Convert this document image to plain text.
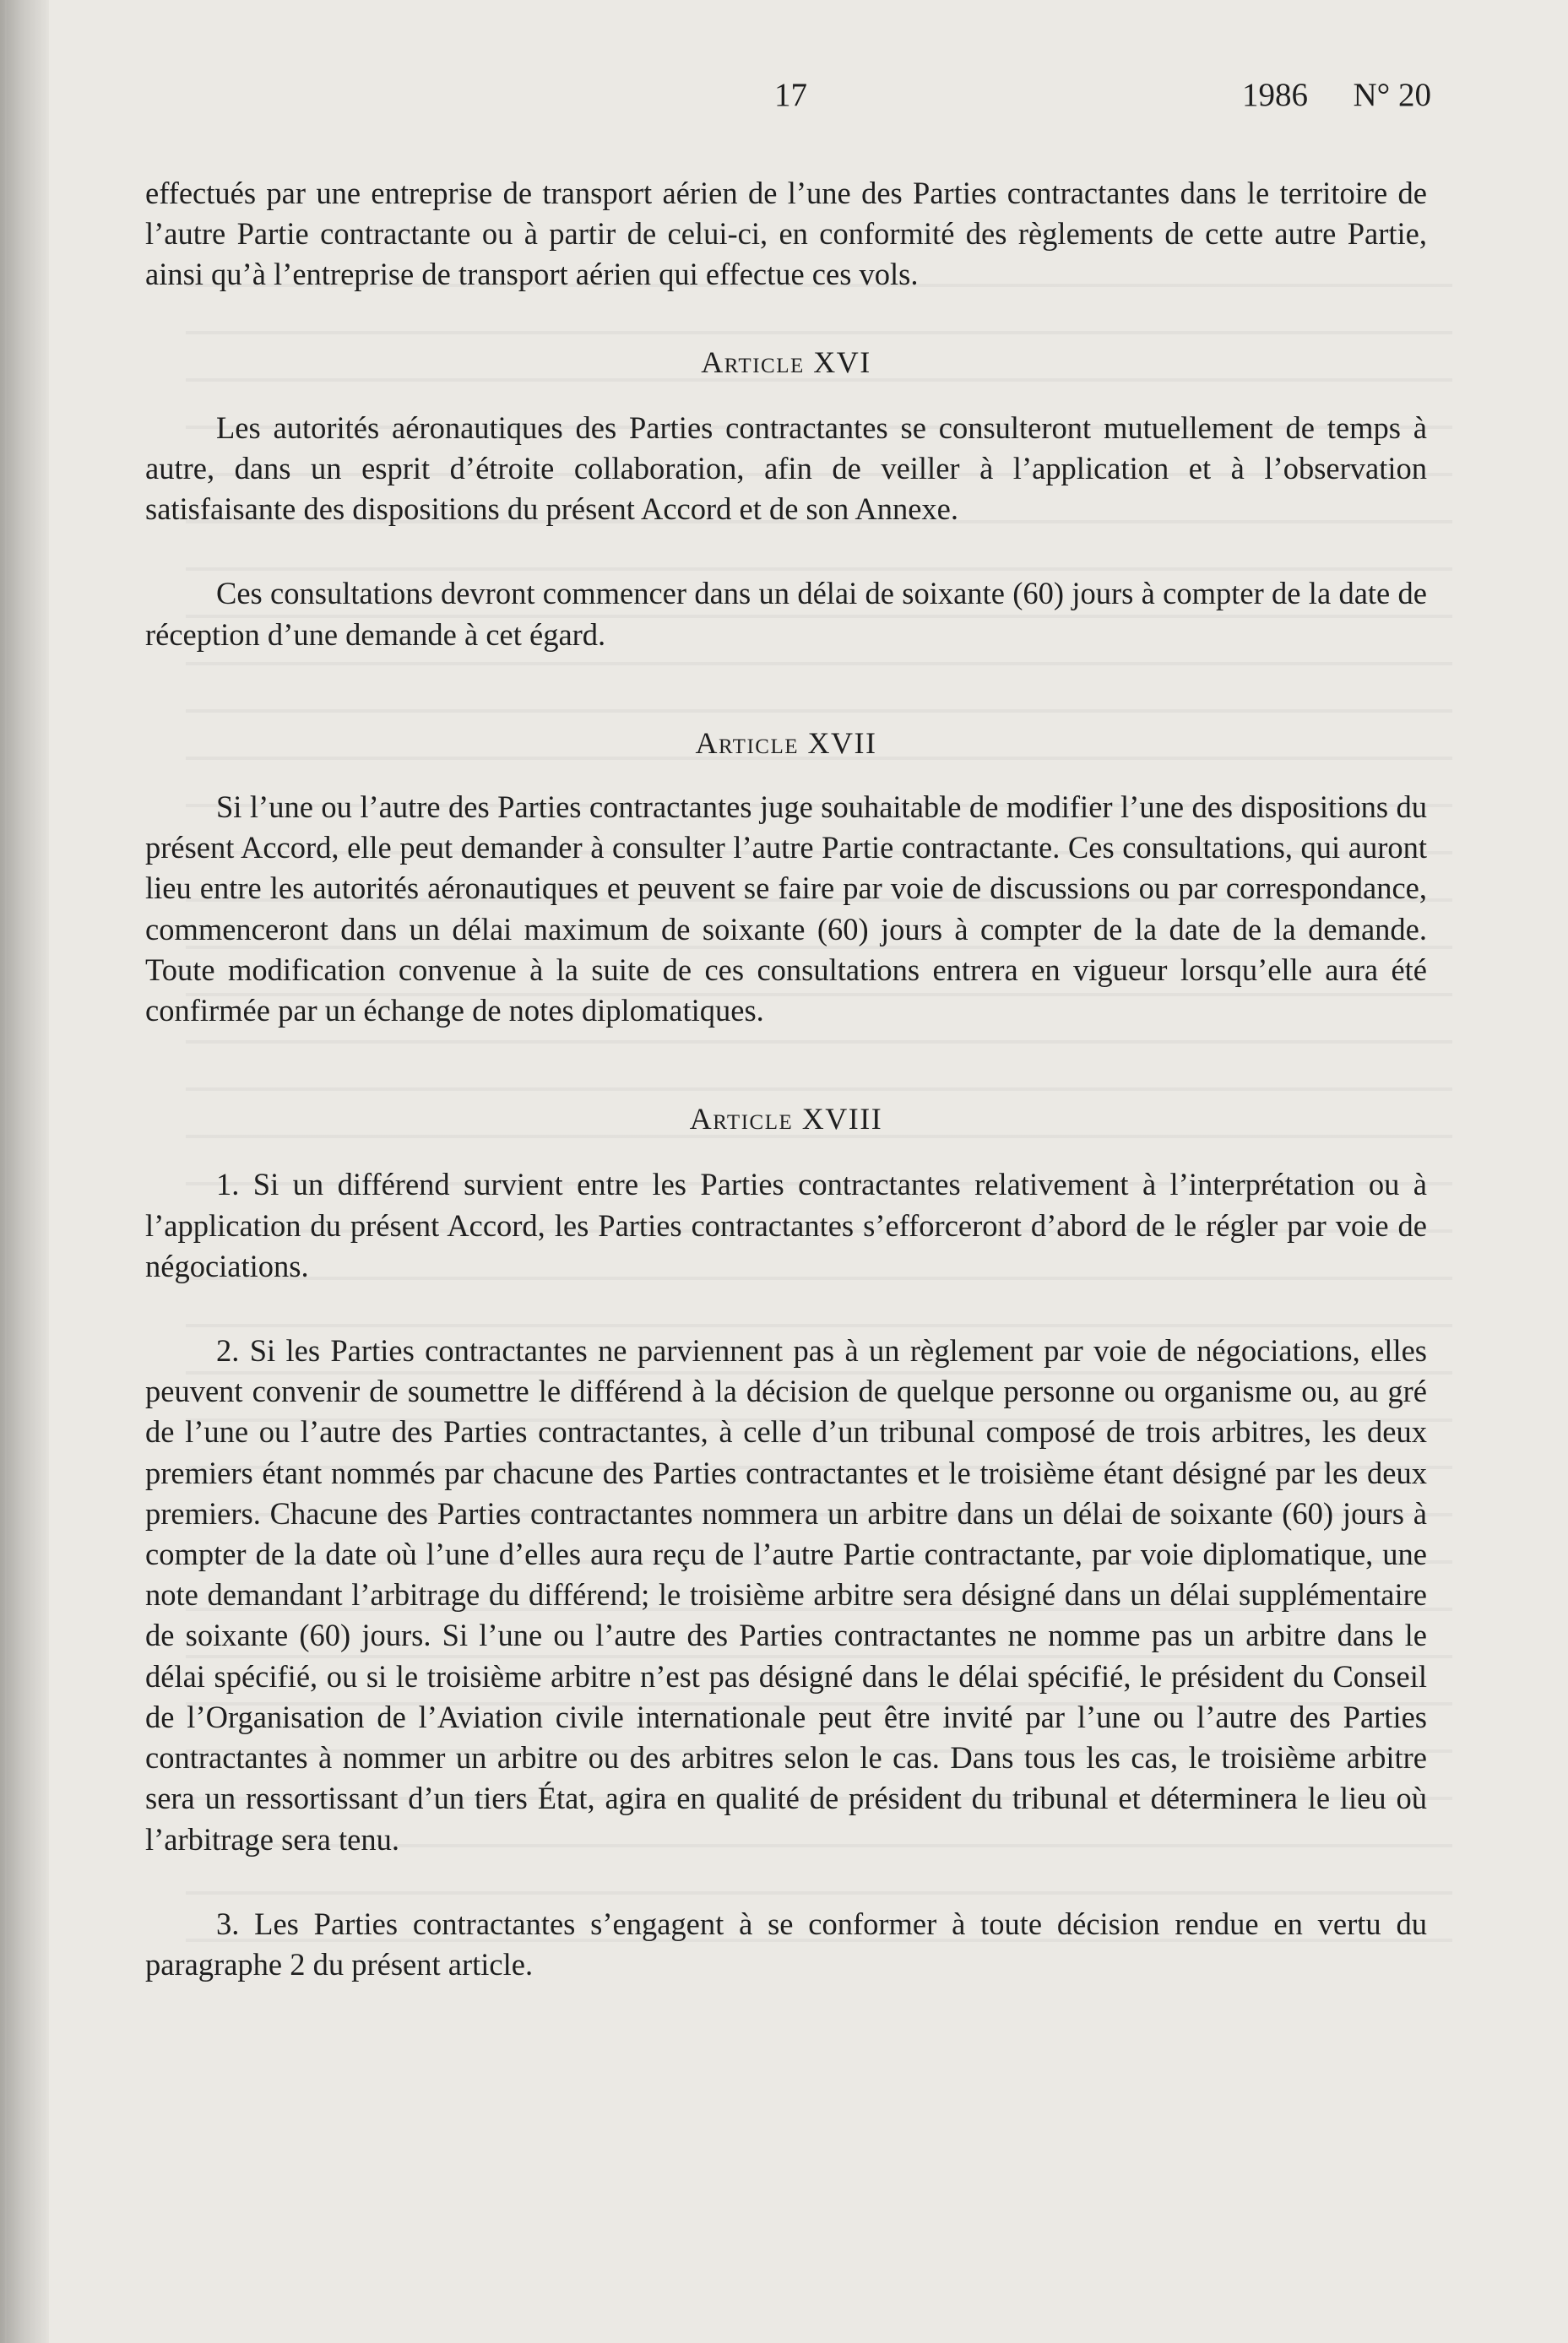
17	1986 N° 20

effectués par une entreprise de transport aérien de l’une des Parties contractantes dans le territoire de l’autre Partie contractante ou à partir de celui-ci, en conformité des règlements de cette autre Partie, ainsi qu’à l’entreprise de transport aérien qui effectue ces vols.

Article XVI

Les autorités aéronautiques des Parties contractantes se consulteront mutuellement de temps à autre, dans un esprit d’étroite collaboration, afin de veiller à l’application et à l’observation satisfaisante des dispositions du présent Accord et de son Annexe.

Ces consultations devront commencer dans un délai de soixante (60) jours à compter de la date de réception d’une demande à cet égard.

Article XVII

Si l’une ou l’autre des Parties contractantes juge souhaitable de modifier l’une des dispositions du présent Accord, elle peut demander à consulter l’autre Partie contractante. Ces consultations, qui auront lieu entre les autorités aéronautiques et peuvent se faire par voie de discussions ou par correspondance, commenceront dans un délai maximum de soixante (60) jours à compter de la date de la demande. Toute modification convenue à la suite de ces consultations entrera en vigueur lorsqu’elle aura été confirmée par un échange de notes diplomatiques.

Article XVIII

1. Si un différend survient entre les Parties contractantes relativement à l’interprétation ou à l’application du présent Accord, les Parties contractantes s’efforceront d’abord de le régler par voie de négociations.

2. Si les Parties contractantes ne parviennent pas à un règlement par voie de négociations, elles peuvent convenir de soumettre le différend à la décision de quelque personne ou organisme ou, au gré de l’une ou l’autre des Parties contractantes, à celle d’un tribunal composé de trois arbitres, les deux premiers étant nommés par chacune des Parties contractantes et le troisième étant désigné par les deux premiers. Chacune des Parties contractantes nommera un arbitre dans un délai de soixante (60) jours à compter de la date où l’une d’elles aura reçu de l’autre Partie contractante, par voie diplomatique, une note demandant l’arbitrage du différend; le troisième arbitre sera désigné dans un délai supplémentaire de soixante (60) jours. Si l’une ou l’autre des Parties contractantes ne nomme pas un arbitre dans le délai spécifié, ou si le troisième arbitre n’est pas désigné dans le délai spécifié, le président du Conseil de l’Organisation de l’Aviation civile internationale peut être invité par l’une ou l’autre des Parties contractantes à nommer un arbitre ou des arbitres selon le cas. Dans tous les cas, le troisième arbitre sera un ressortissant d’un tiers État, agira en qualité de président du tribunal et déterminera le lieu où l’arbitrage sera tenu.

3. Les Parties contractantes s’engagent à se conformer à toute décision rendue en vertu du paragraphe 2 du présent article.
